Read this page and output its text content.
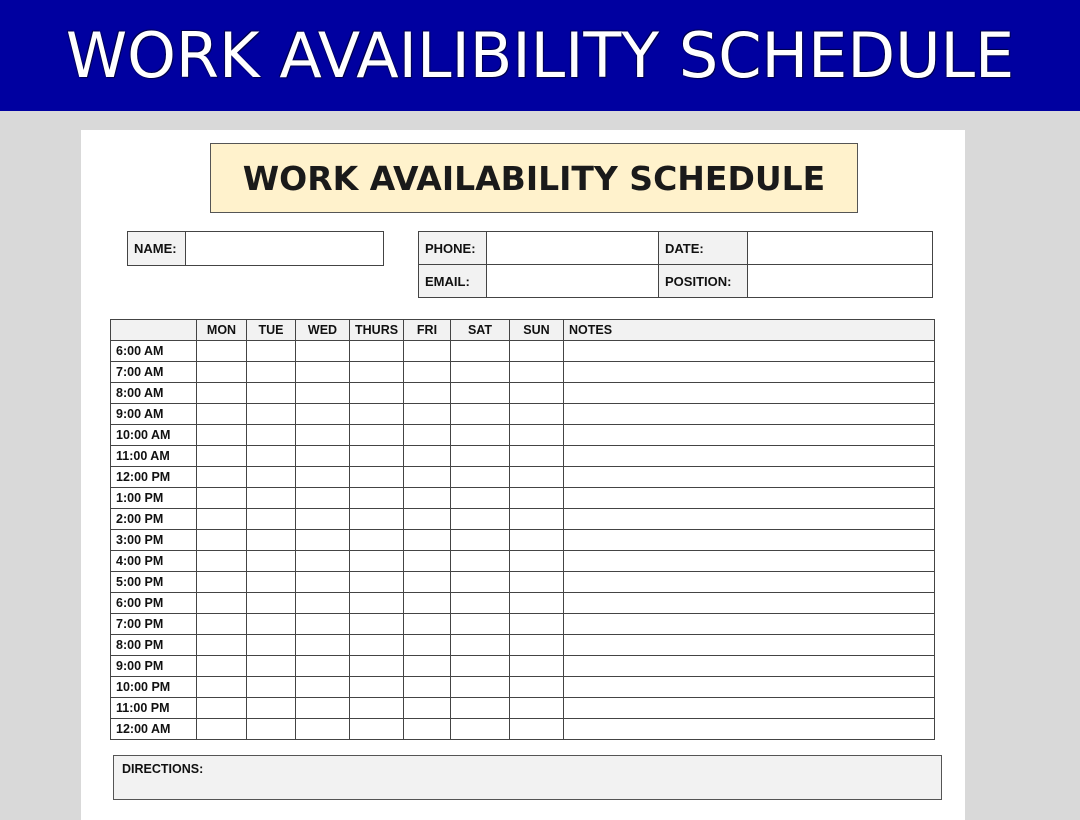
WORK AVAILIBILITY SCHEDULE
WORK AVAILABILITY SCHEDULE
NAME:		PHONE:		DATE:	
EMAIL:		POSITION:	
	MON	TUE	WED	THURS	FRI	SAT	SUN	NOTES
6:00 AM								
7:00 AM								
8:00 AM								
9:00 AM								
10:00 AM								
11:00 AM								
12:00 PM								
1:00 PM								
2:00 PM								
3:00 PM								
4:00 PM								
5:00 PM								
6:00 PM								
7:00 PM								
8:00 PM								
9:00 PM								
10:00 PM								
11:00 PM								
12:00 AM								
DIRECTIONS:
